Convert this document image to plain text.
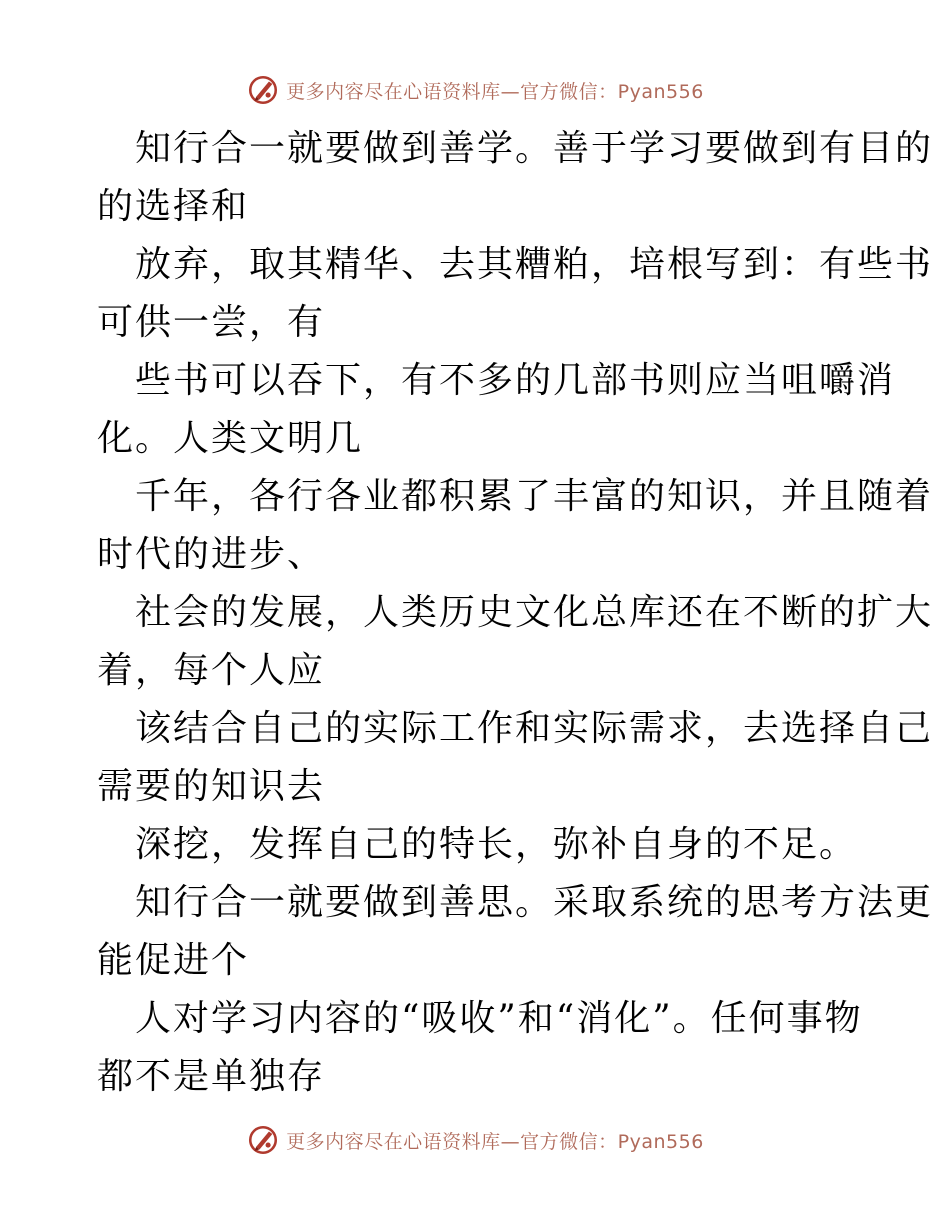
更多内容尽在心语资料库—官方微信：Pyan556
知行合一就要做到善学。善于学习要做到有目的
的选择和
放弃，取其精华、去其糟粕，培根写到：有些书
可供一尝，有
些书可以吞下，有不多的几部书则应当咀嚼消
化。人类文明几
千年，各行各业都积累了丰富的知识，并且随着
时代的进步、
社会的发展，人类历史文化总库还在不断的扩大
着，每个人应
该结合自己的实际工作和实际需求，去选择自己
需要的知识去
深挖，发挥自己的特长，弥补自身的不足。
知行合一就要做到善思。采取系统的思考方法更
能促进个
人对学习内容的“吸收”和“消化”。任何事物
都不是单独存
更多内容尽在心语资料库—官方微信：Pyan556
